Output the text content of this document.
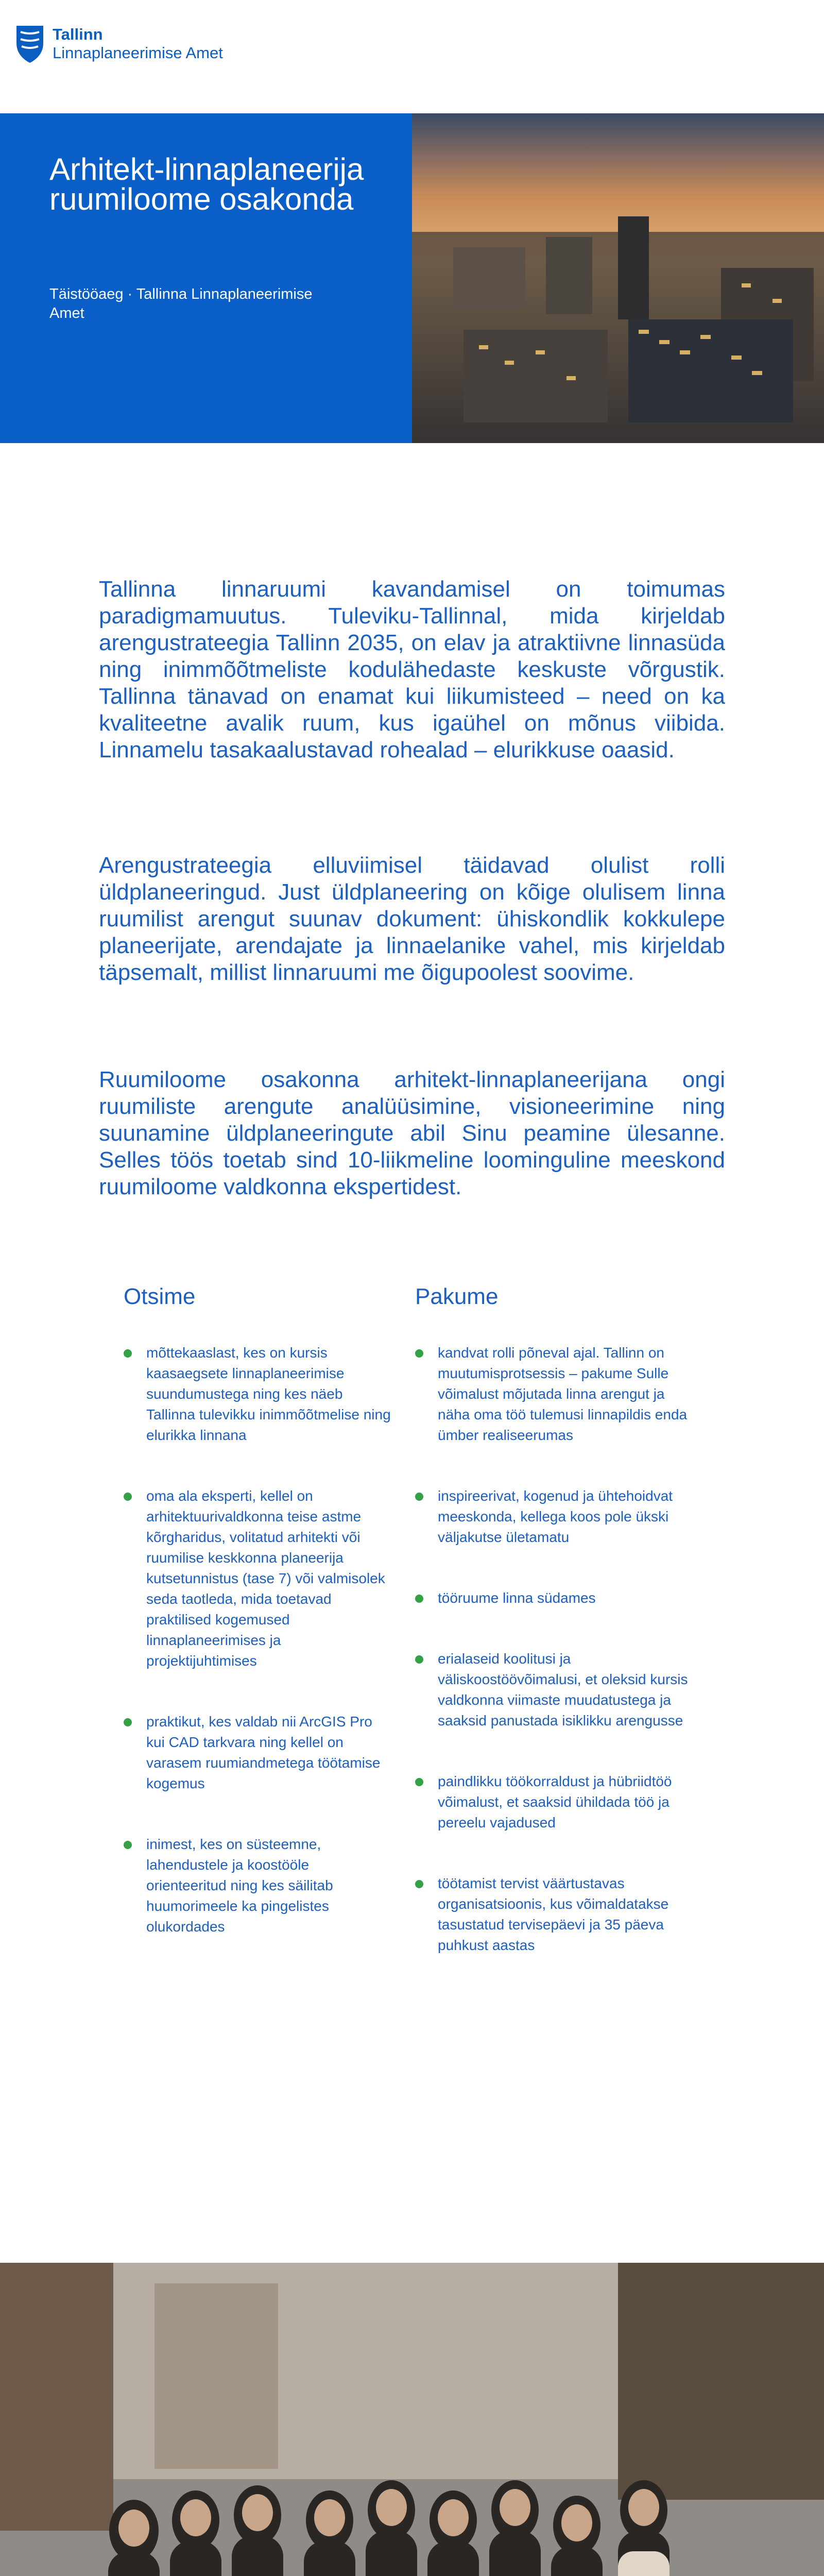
Tallinn
Linnaplaneerimise Amet
Arhitekt-linnaplaneerija ruumiloome osakonda
Täistööaeg · Tallinna Linnaplaneerimise Amet

Tallinna linnaruumi kavandamisel on toimumas paradigmamuutus. Tuleviku-Tallinnal, mida kirjeldab arengustrateegia Tallinn 2035, on elav ja atraktiivne linnasüda ning inimmõõtmelistе kodulähedaste keskuste võrgustik. Tallinna tänavad on enamat kui liikumisteed – need on ka kvaliteetne avalik ruum, kus igaühel on mõnus viibida. Linnamelu tasakaalustavad rohealad – elurikkuse oaasid.

Arengustrateegia elluviimisel täidavad olulist rolli üldplaneeringud. Just üldplaneering on kõige olulisem linna ruumilist arengut suunav dokument: ühiskondlik kokkulepe planeerijate, arendajate ja linnaelanike vahel, mis kirjeldab täpsemalt, millist linnaruumi me õigupoolest soovime.

Ruumiloome osakonna arhitekt-linnaplaneerijana ongi ruumiliste arengute analüüsimine, visioneerimine ning suunamine üldplaneeringute abil Sinu peamine ülesanne. Selles töös toetab sind 10-liikmeline loominguline meeskond ruumiloome valdkonna ekspertidest.

Otsime
mõttekaaslast, kes on kursis kaasaegsete linnaplaneerimise suundumustega ning kes näeb Tallinna tulevikku inimmõõtmelise ning elurikka linnana
oma ala eksperti, kellel on arhitektuurivaldkonna teise astme kõrgharidus, volitatud arhitekti või ruumilise keskkonna planeerija kutsetunnistus (tase 7) või valmisolek seda taotleda, mida toetavad praktilised kogemused linnaplaneerimises ja projektijuhtimises
praktikut, kes valdab nii ArcGIS Pro kui CAD tarkvara ning kellel on varasem ruumiandmetega töötamise kogemus
inimest, kes on süsteemne, lahendustele ja koostööle orienteeritud ning kes säilitab huumorimeele ka pingelistes olukordades
Pakume
kandvat rolli põneval ajal. Tallinn on muutumisprotsessis – pakume Sulle võimalust mõjutada linna arengut ja näha oma töö tulemusi linnapildis enda ümber realiseerumas
inspireerivat, kogenud ja ühtehoidvat meeskonda, kellega koos pole ükski väljakutse ületamatu
tööruume linna südames
erialaseid koolitusi ja väliskoostöövõimalusi, et oleksid kursis valdkonna viimaste muudatustega ja saaksid panustada isiklikku arengusse
paindlikku töökorraldust ja hübriidtöö võimalust, et saaksid ühildada töö ja pereelu vajadused
töötamist tervist väärtustavas organisatsioonis, kus võimaldatakse tasustatud tervisepäevi ja 35 päeva puhkust aastas
